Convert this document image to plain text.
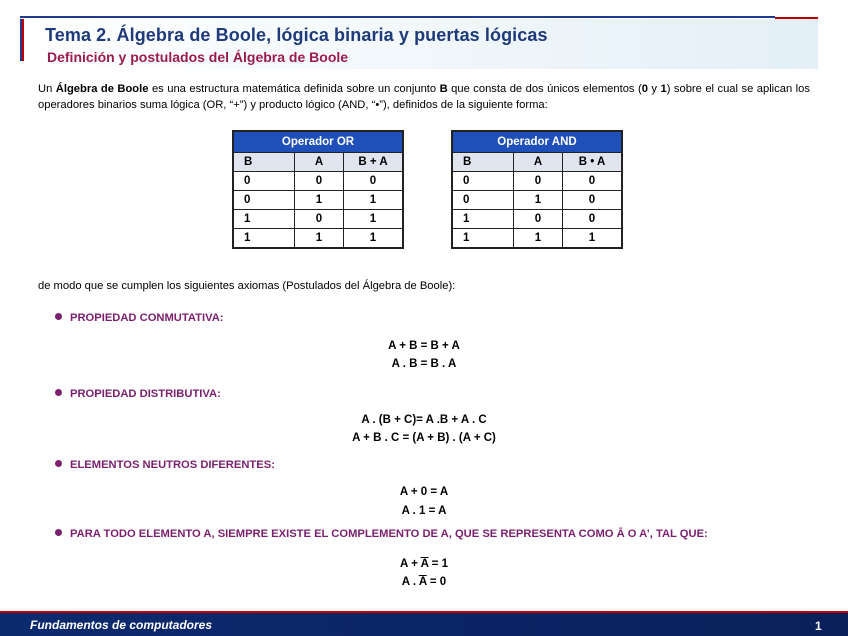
Tema 2. Álgebra de Boole, lógica binaria y puertas lógicas
Definición y postulados del Álgebra de Boole
Un Álgebra de Boole es una estructura matemática definida sobre un conjunto B que consta de dos únicos elementos (0 y 1) sobre el cual se aplican los operadores binarios suma lógica (OR, “+”) y producto lógico (AND, “•”), definidos de la siguiente forma:
Operador OR		
B	A	B + A
0	0	0
0	1	1
1	0	1
1	1	1
Operador AND		
B	A	B • A
0	0	0
0	1	0
1	0	0
1	1	1
de modo que se cumplen los siguientes axiomas (Postulados del Álgebra de Boole):
PROPIEDAD CONMUTATIVA:
A + B = B + A
A . B = B . A
PROPIEDAD DISTRIBUTIVA:
A . (B + C)= A .B + A . C
A + B . C = (A + B) . (A + C)
ELEMENTOS NEUTROS DIFERENTES:
A + 0 = A
A . 1 = A
PARA TODO ELEMENTO A, SIEMPRE EXISTE EL COMPLEMENTO DE A, QUE SE REPRESENTA COMO Ā O A’, TAL QUE:
$A + \overline{A} = 1$
A . $\overline{A} = 0$
Fundamentos de computadores	1
